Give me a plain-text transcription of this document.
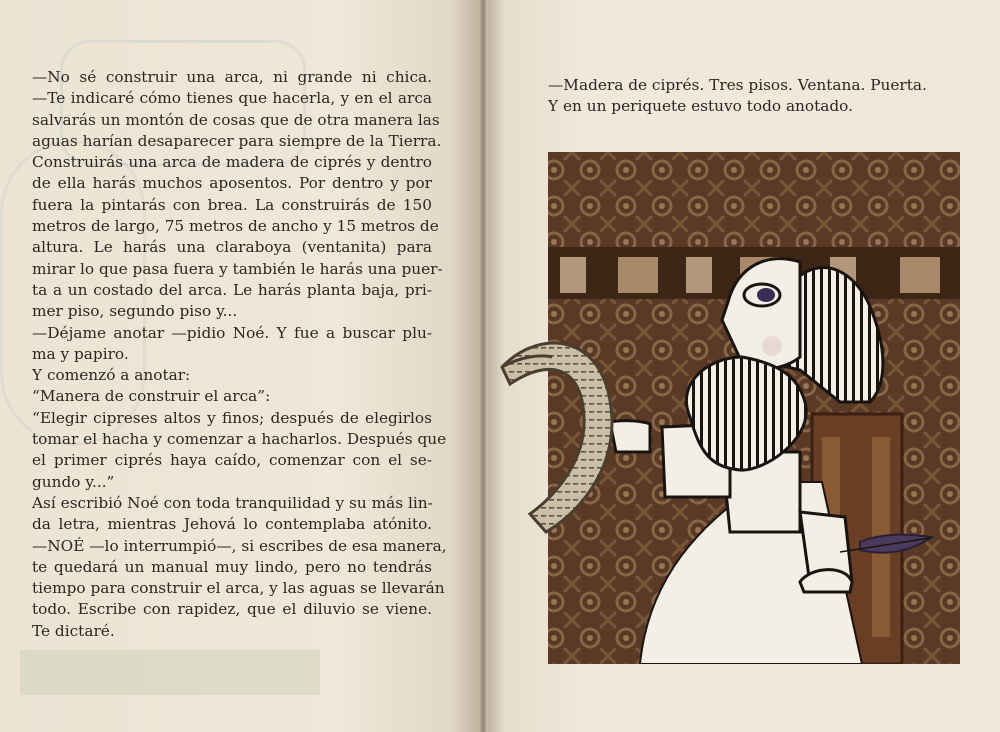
—No sé construir una arca, ni grande ni chica.
—Te indicaré cómo tienes que hacerla, y en el arca
salvarás un montón de cosas que de otra manera las
aguas harían desaparecer para siempre de la Tierra.
Construirás una arca de madera de ciprés y dentro
de ella harás muchos aposentos. Por dentro y por
fuera la pintarás con brea. La construirás de 150
metros de largo, 75 metros de ancho y 15 metros de
altura. Le harás una claraboya (ventanita) para
mirar lo que pasa fuera y también le harás una puer-
ta a un costado del arca. Le harás planta baja, pri-
mer piso, segundo piso y...
—Déjame anotar —pidio Noé. Y fue a buscar plu-
ma y papiro.
Y comenzó a anotar:
“Manera de construir el arca”:
“Elegir cipreses altos y finos; después de elegirlos
tomar el hacha y comenzar a hacharlos. Después que
el primer ciprés haya caído, comenzar con el se-
gundo y...”
Así escribió Noé con toda tranquilidad y su más lin-
da letra, mientras Jehová lo contemplaba atónito.
—NOÉ —lo interrumpió—, si escribes de esa manera,
te quedará un manual muy lindo, pero no tendrás
tiempo para construir el arca, y las aguas se llevarán
todo. Escribe con rapidez, que el diluvio se viene.
Te dictaré.
—Madera de ciprés. Tres pisos. Ventana. Puerta.
Y en un periquete estuvo todo anotado.
